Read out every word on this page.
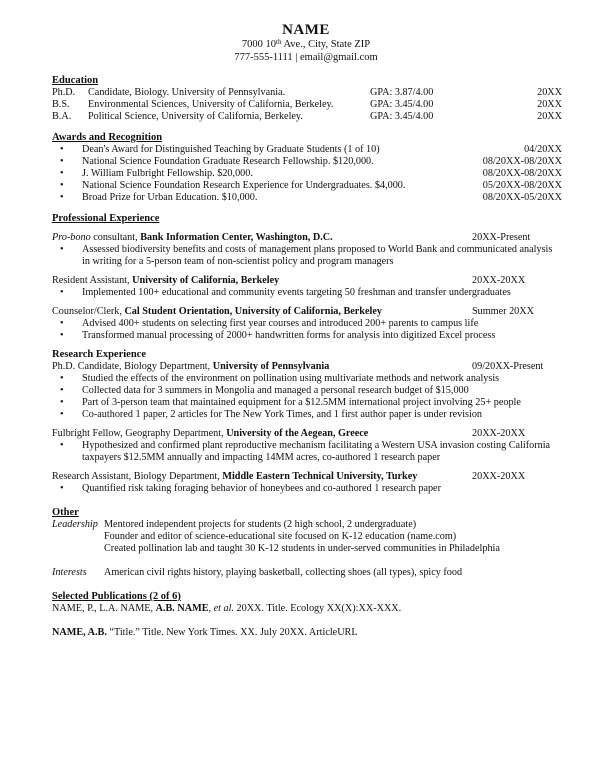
NAME
7000 10th Ave., City, State ZIP
777-555-1111 | email@gmail.com
Education
Ph.D.	Candidate, Biology. University of Pennsylvania.	GPA: 3.87/4.00	20XX
B.S.	Environmental Sciences, University of California, Berkeley.	GPA: 3.45/4.00	20XX
B.A.	Political Science, University of California, Berkeley.	GPA: 3.45/4.00	20XX
Awards and Recognition
•	Dean's Award for Distinguished Teaching by Graduate Students (1 of 10)	04/20XX
•	National Science Foundation Graduate Research Fellowship. $120,000.	08/20XX-08/20XX
•	J. William Fulbright Fellowship. $20,000.	08/20XX-08/20XX
•	National Science Foundation Research Experience for Undergraduates. $4,000.	05/20XX-08/20XX
•	Broad Prize for Urban Education. $10,000.	08/20XX-05/20XX
Professional Experience
Pro-bono consultant, Bank Information Center, Washington, D.C.	20XX-Present
•	Assessed biodiversity benefits and costs of management plans proposed to World Bank and communicated analysis in writing for a 5-person team of non-scientist policy and program managers
Resident Assistant, University of California, Berkeley	20XX-20XX
•	Implemented 100+ educational and community events targeting 50 freshman and transfer undergraduates
Counselor/Clerk, Cal Student Orientation, University of California, Berkeley	Summer 20XX
•	Advised 400+ students on selecting first year courses and introduced 200+ parents to campus life
•	Transformed manual processing of 2000+ handwritten forms for analysis into digitized Excel process
Research Experience
Ph.D. Candidate, Biology Department, University of Pennsylvania	09/20XX-Present
•	Studied the effects of the environment on pollination using multivariate methods and network analysis
•	Collected data for 3 summers in Mongolia and managed a personal research budget of $15,000
•	Part of 3-person team that maintained equipment for a $12.5MM international project involving 25+ people
•	Co-authored 1 paper, 2 articles for The New York Times, and 1 first author paper is under revision
Fulbright Fellow, Geography Department, University of the Aegean, Greece	20XX-20XX
•	Hypothesized and confirmed plant reproductive mechanism facilitating a Western USA invasion costing California taxpayers $12.5MM annually and impacting 14MM acres, co-authored 1 research paper
Research Assistant, Biology Department, Middle Eastern Technical University, Turkey	20XX-20XX
•	Quantified risk taking foraging behavior of honeybees and co-authored 1 research paper
Other
Leadership Mentored independent projects for students (2 high school, 2 undergraduate)
Founder and editor of science-educational site focused on K-12 education (name.com)
Created pollination lab and taught 30 K-12 students in under-served communities in Philadelphia
Interests	American civil rights history, playing basketball, collecting shoes (all types), spicy food
Selected Publications (2 of 6)
NAME, P., L.A. NAME, A.B. NAME, et al. 20XX. Title. Ecology XX(X):XX-XXX.
NAME, A.B. “Title.” Title. New York Times. XX. July 20XX. ArticleURL
